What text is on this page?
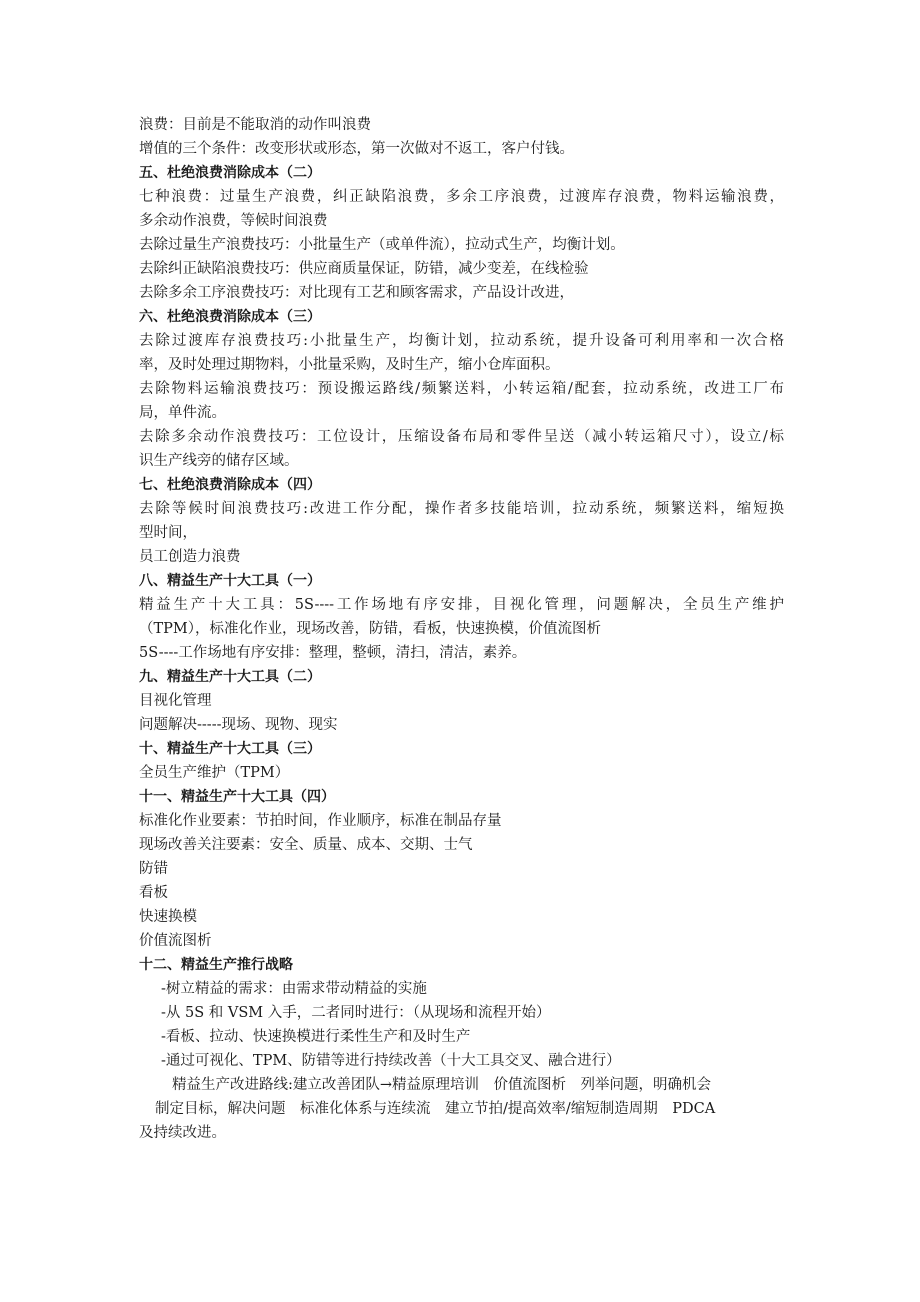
浪费：目前是不能取消的动作叫浪费
增值的三个条件：改变形状或形态，第一次做对不返工，客户付钱。
五、杜绝浪费消除成本（二）
七种浪费：过量生产浪费，纠正缺陷浪费，多余工序浪费，过渡库存浪费，物料运输浪费，
多余动作浪费，等候时间浪费
去除过量生产浪费技巧：小批量生产（或单件流），拉动式生产，均衡计划。
去除纠正缺陷浪费技巧：供应商质量保证，防错，减少变差，在线检验
去除多余工序浪费技巧：对比现有工艺和顾客需求，产品设计改进，
六、杜绝浪费消除成本（三）
去除过渡库存浪费技巧:小批量生产，均衡计划，拉动系统，提升设备可利用率和一次合格
率，及时处理过期物料，小批量采购，及时生产，缩小仓库面积。
去除物料运输浪费技巧：预设搬运路线/频繁送料，小转运箱/配套，拉动系统，改进工厂布
局，单件流。
去除多余动作浪费技巧：工位设计，压缩设备布局和零件呈送（减小转运箱尺寸），设立/标
识生产线旁的储存区域。
七、杜绝浪费消除成本（四）
去除等候时间浪费技巧:改进工作分配，操作者多技能培训，拉动系统，频繁送料，缩短换
型时间，
员工创造力浪费
八、精益生产十大工具（一）
精益生产十大工具：5S----工作场地有序安排，目视化管理，问题解决，全员生产维护
（TPM），标准化作业，现场改善，防错，看板，快速换模，价值流图析
5S----工作场地有序安排：整理，整顿，清扫，清洁，素养。
九、精益生产十大工具（二）
目视化管理
问题解决-----现场、现物、现实
十、精益生产十大工具（三）
全员生产维护（TPM）
十一、精益生产十大工具（四）
标准化作业要素：节拍时间，作业顺序，标准在制品存量
现场改善关注要素：安全、质量、成本、交期、士气
防错
看板
快速换模
价值流图析
十二、精益生产推行战略
-树立精益的需求：由需求带动精益的实施
-从 5S 和 VSM 入手，二者同时进行：（从现场和流程开始）
-看板、拉动、快速换模进行柔性生产和及时生产
-通过可视化、TPM、防错等进行持续改善（十大工具交叉、融合进行）
精益生产改进路线:建立改善团队→精益原理培训　价值流图析　列举问题，明确机会
制定目标，解决问题　标准化体系与连续流　建立节拍/提高效率/缩短制造周期　PDCA
及持续改进。
